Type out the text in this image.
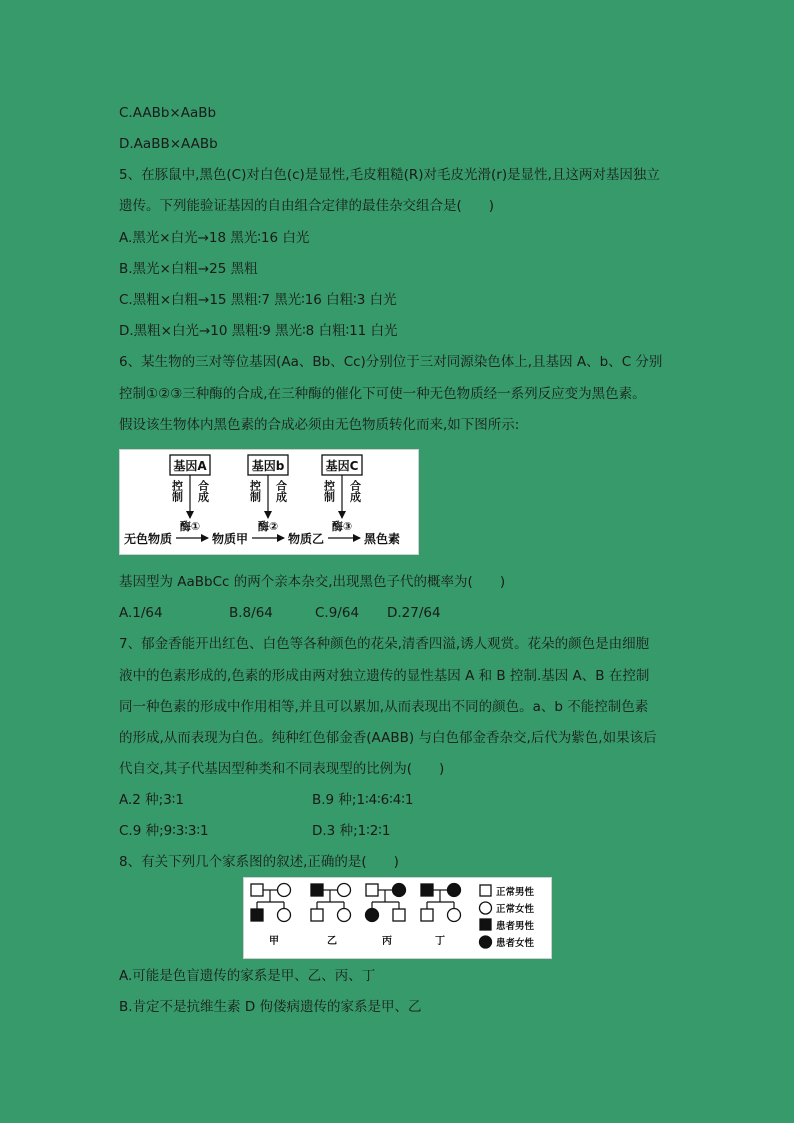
C.AABb×AaBb
D.AaBB×AABb
5、在豚鼠中,黑色(C)对白色(c)是显性,毛皮粗糙(R)对毛皮光滑(r)是显性,且这两对基因独立
遗传。下列能验证基因的自由组合定律的最佳杂交组合是(　　)
A.黑光×白光→18 黑光∶16 白光
B.黑光×白粗→25 黑粗
C.黑粗×白粗→15 黑粗∶7 黑光∶16 白粗∶3 白光
D.黑粗×白光→10 黑粗∶9 黑光∶8 白粗∶11 白光
6、某生物的三对等位基因(Aa、Bb、Cc)分别位于三对同源染色体上,且基因 A、b、C 分别
控制①②③三种酶的合成,在三种酶的催化下可使一种无色物质经一系列反应变为黑色素。
假设该生物体内黑色素的合成必须由无色物质转化而来,如下图所示:
基因A	基因b	基因C
控制 合成	控制 合成	控制 合成
酶①	酶②	酶③
无色物质	物质甲	物质乙	黑色素
基因型为 AaBbCc 的两个亲本杂交,出现黑色子代的概率为(　　)
A.1/64	B.8/64	C.9/64 D.27/64
7、郁金香能开出红色、白色等各种颜色的花朵,清香四溢,诱人观赏。花朵的颜色是由细胞
液中的色素形成的,色素的形成由两对独立遗传的显性基因 A 和 B 控制.基因 A、B 在控制
同一种色素的形成中作用相等,并且可以累加,从而表现出不同的颜色。a、b 不能控制色素
的形成,从而表现为白色。纯种红色郁金香(AABB) 与白色郁金香杂交,后代为紫色,如果该后
代自交,其子代基因型种类和不同表现型的比例为(　　)
A.2 种;3∶1	B.9 种;1∶4∶6∶4∶1
C.9 种;9∶3∶3∶1	D.3 种;1∶2∶1
8、有关下列几个家系图的叙述,正确的是(　　)
甲	乙	丙	丁
正常男性
正常女性
患者男性
患者女性
A.可能是色盲遗传的家系是甲、乙、丙、丁
B.肯定不是抗维生素 D 佝偻病遗传的家系是甲、乙
